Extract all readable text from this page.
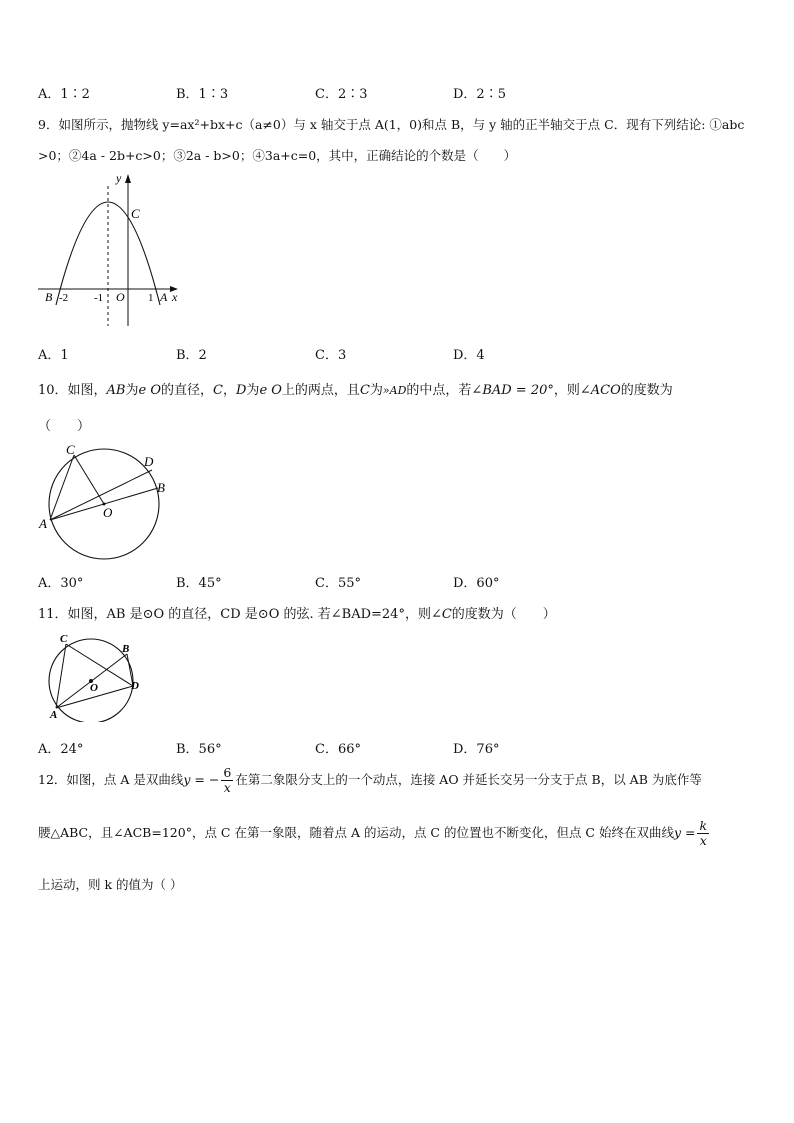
A．1∶2	B．1∶3	C．2∶3	D．2∶5
9．如图所示，抛物线 y=ax²+bx+c（a≠0）与 x 轴交于点 A(1，0)和点 B，与 y 轴的正半轴交于点 C．现有下列结论: ①abc
>0；②4a - 2b+c>0；③2a - b>0；④3a+c=0，其中，正确结论的个数是（　　）
y
C
B -2 -1 O 1 A x
A．1	B．2	C．3	D．4
10．如图，AB为e O的直径，C，D为e O上的两点，且C为»AD的中点，若∠BAD = 20°，则∠ACO的度数为
（　　）
C
D
B
A
O
A．30°	B．45°	C．55°	D．60°
11．如图，AB 是⊙O 的直径，CD 是⊙O 的弦. 若∠BAD=24°，则∠C的度数为（　　）
C
B
O	D
A
A．24°	B．56°	C．66°	D．76°
12．如图，点 A 是双曲线y = − $\frac{6}{x}$ 在第二象限分支上的一个动点，连接 AO 并延长交另一分支于点 B，以 AB 为底作等
腰△ABC，且∠ACB=120°，点 C 在第一象限，随着点 A 的运动，点 C 的位置也不断变化，但点 C 始终在双曲线$y = \frac{k}{x}$
上运动，则 k 的值为（ ）
